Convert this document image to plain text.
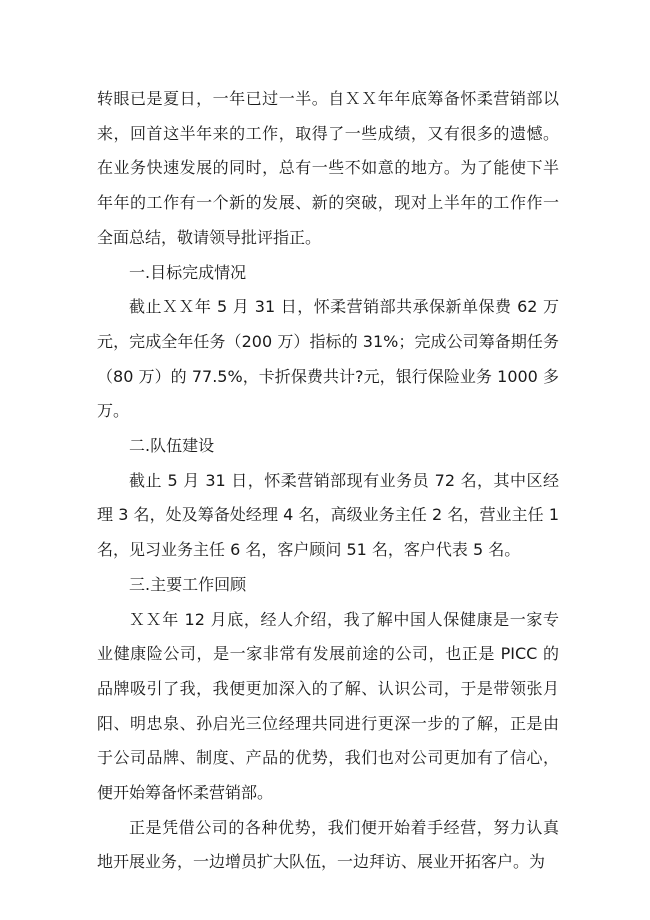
转眼已是夏日，一年已过一半。自ＸＸ年年底筹备怀柔营销部以来，回首这半年来的工作，取得了一些成绩，又有很多的遗憾。在业务快速发展的同时，总有一些不如意的地方。为了能使下半年年的工作有一个新的发展、新的突破，现对上半年的工作作一全面总结，敬请领导批评指正。

一.目标完成情况

截止ＸＸ年 5 月 31 日，怀柔营销部共承保新单保费 62 万元，完成全年任务（200 万）指标的 31%；完成公司筹备期任务（80 万）的 77.5%，卡折保费共计?元，银行保险业务 1000 多万。

二.队伍建设

截止 5 月 31 日，怀柔营销部现有业务员 72 名，其中区经理 3 名，处及筹备处经理 4 名，高级业务主任 2 名，营业主任 1 名，见习业务主任 6 名，客户顾问 51 名，客户代表 5 名。

三.主要工作回顾

ＸＸ年 12 月底，经人介绍，我了解中国人保健康是一家专业健康险公司，是一家非常有发展前途的公司，也正是 PICC 的品牌吸引了我，我便更加深入的了解、认识公司，于是带领张月阳、明忠泉、孙启光三位经理共同进行更深一步的了解，正是由于公司品牌、制度、产品的优势，我们也对公司更加有了信心，便开始筹备怀柔营销部。

正是凭借公司的各种优势，我们便开始着手经营，努力认真地开展业务，一边增员扩大队伍，一边拜访、展业开拓客户。为
